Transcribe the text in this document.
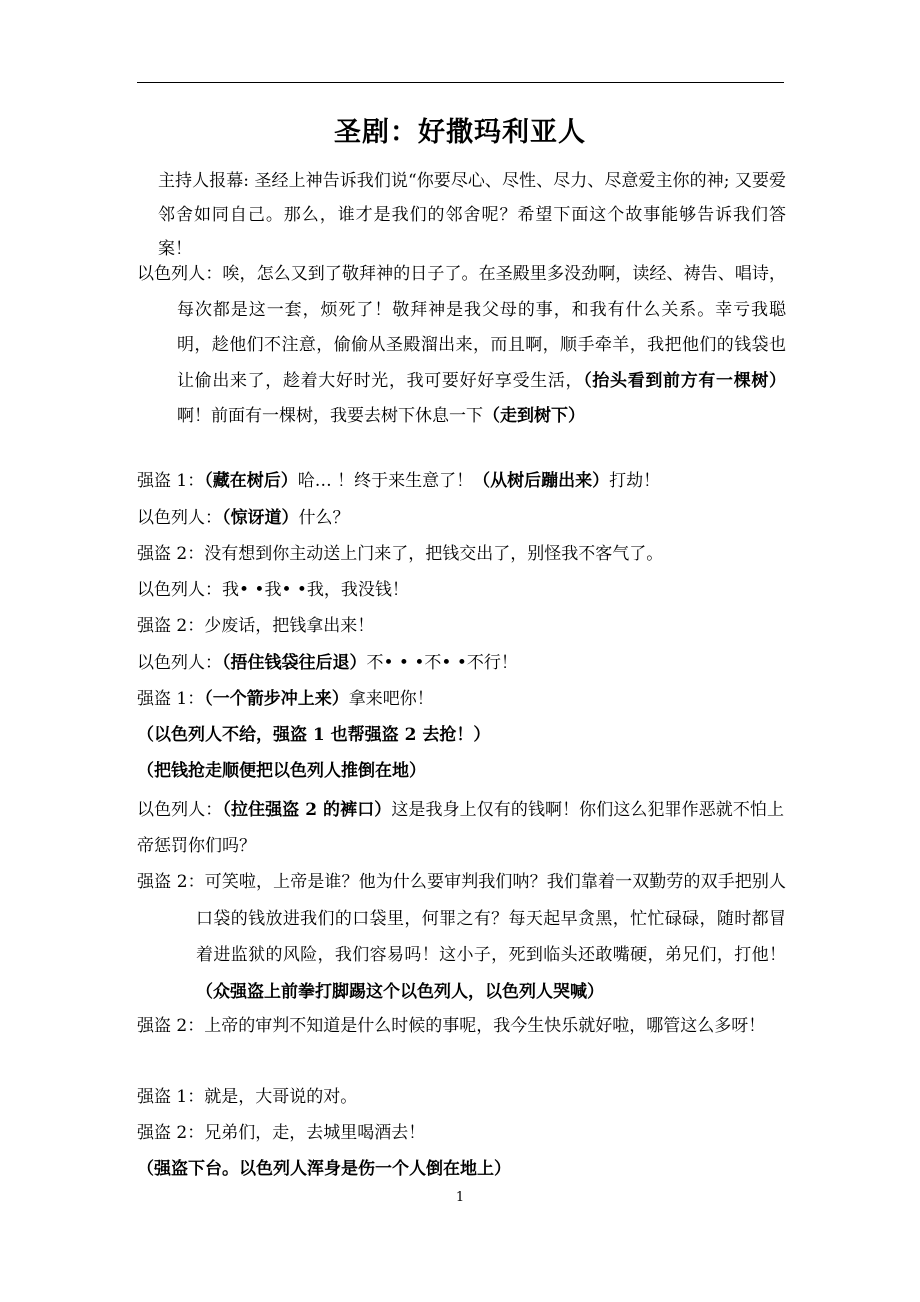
圣剧：好撒玛利亚人
主持人报幕: 圣经上神告诉我们说“你要尽心、尽性、尽力、尽意爱主你的神; 又要爱邻舍如同自己。那么，谁才是我们的邻舍呢？希望下面这个故事能够告诉我们答案！
以色列人：唉，怎么又到了敬拜神的日子了。在圣殿里多没劲啊，读经、祷告、唱诗，每次都是这一套，烦死了！敬拜神是我父母的事，和我有什么关系。幸亏我聪明，趁他们不注意，偷偷从圣殿溜出来，而且啊，顺手牵羊，我把他们的钱袋也让偷出来了，趁着大好时光，我可要好好享受生活，（抬头看到前方有一棵树）啊！前面有一棵树，我要去树下休息一下（走到树下）
强盗 1：（藏在树后）哈… ！终于来生意了！（从树后蹦出来）打劫！
以色列人：（惊讶道）什么？
强盗 2：没有想到你主动送上门来了，把钱交出了，别怪我不客气了。
以色列人：我• •我• •我，我没钱！
强盗 2：少废话，把钱拿出来！
以色列人：（捂住钱袋往后退）不• • •不• •不行！
强盗 1：（一个箭步冲上来）拿来吧你！
（以色列人不给，强盗 1 也帮强盗 2 去抢！）
（把钱抢走顺便把以色列人推倒在地）
以色列人：（拉住强盗 2 的裤口）这是我身上仅有的钱啊！你们这么犯罪作恶就不怕上帝惩罚你们吗？
强盗 2：可笑啦，上帝是谁？他为什么要审判我们呐？我们靠着一双勤劳的双手把别人口袋的钱放进我们的口袋里，何罪之有？每天起早贪黑，忙忙碌碌，随时都冒着进监狱的风险，我们容易吗！这小子，死到临头还敢嘴硬，弟兄们，打他！（众强盗上前拳打脚踢这个以色列人，以色列人哭喊）
强盗 2：上帝的审判不知道是什么时候的事呢，我今生快乐就好啦，哪管这么多呀！
强盗 1：就是，大哥说的对。
强盗 2：兄弟们，走，去城里喝酒去！
（强盗下台。以色列人浑身是伤一个人倒在地上）
1
